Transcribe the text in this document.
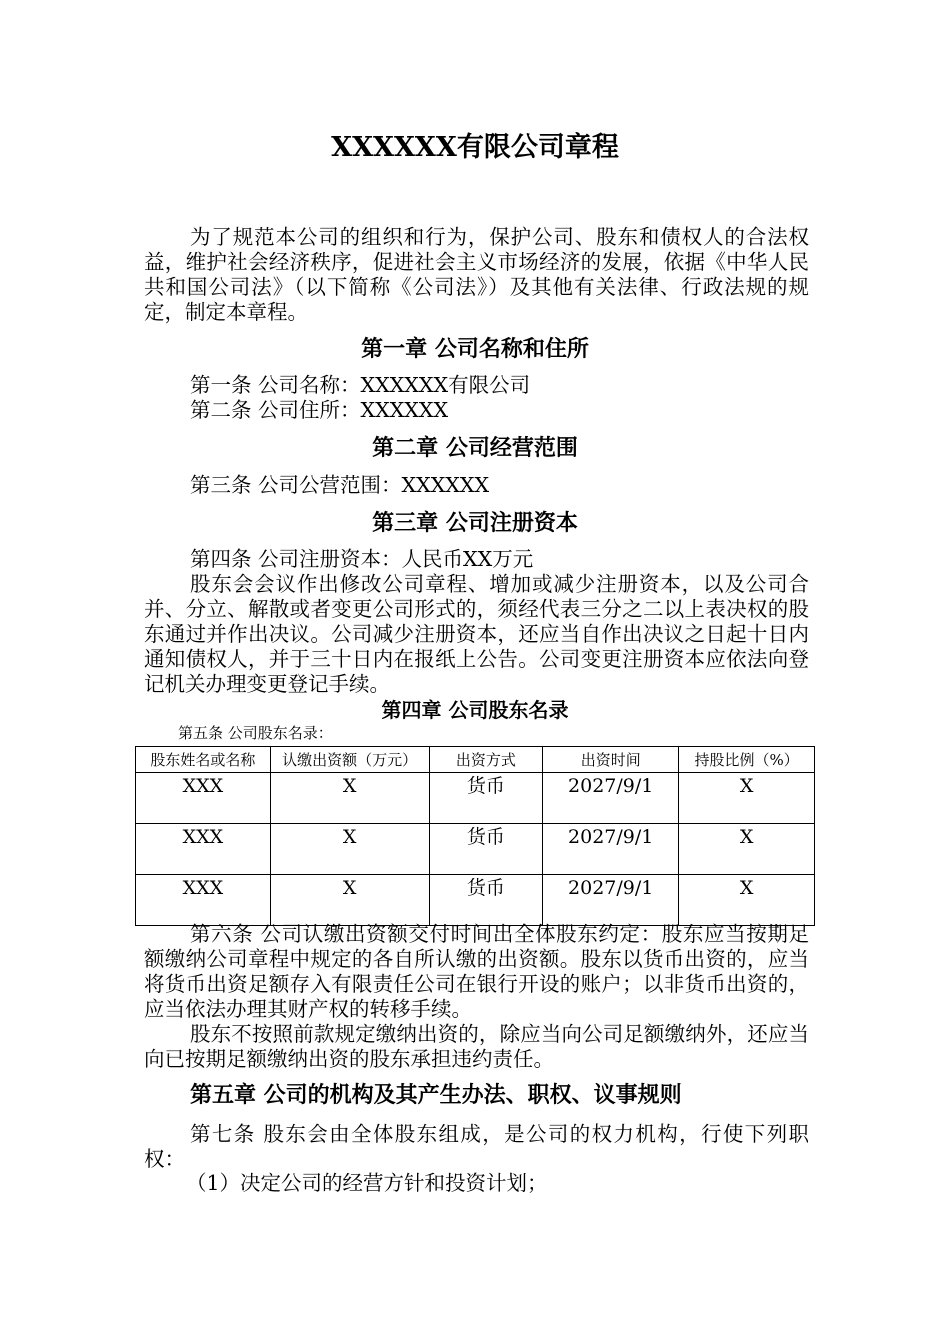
XXXXXX有限公司章程

为了规范本公司的组织和行为，保护公司、股东和债权人的合法权益，维护社会经济秩序，促进社会主义市场经济的发展，依据《中华人民共和国公司法》（以下简称《公司法》）及其他有关法律、行政法规的规定，制定本章程。

第一章 公司名称和住所
第一条 公司名称：XXXXXX有限公司
第二条 公司住所：XXXXXX
第二章 公司经营范围
第三条 公司公营范围：XXXXXX
第三章 公司注册资本
第四条 公司注册资本：人民币XX万元

股东会会议作出修改公司章程、增加或减少注册资本，以及公司合并、分立、解散或者变更公司形式的，须经代表三分之二以上表决权的股东通过并作出决议。公司减少注册资本，还应当自作出决议之日起十日内通知债权人，并于三十日内在报纸上公告。公司变更注册资本应依法向登记机关办理变更登记手续。

第四章 公司股东名录
第五条 公司股东名录：
股东姓名或名称	认缴出资额（万元）	出资方式	出资时间	持股比例（%）
XXX	X	货币	2027/9/1	X
XXX	X	货币	2027/9/1	X
XXX	X	货币	2027/9/1	X

第六条 公司认缴出资额交付时间出全体股东约定：股东应当按期足额缴纳公司章程中规定的各自所认缴的出资额。股东以货币出资的，应当将货币出资足额存入有限责任公司在银行开设的账户；以非货币出资的，应当依法办理其财产权的转移手续。

股东不按照前款规定缴纳出资的，除应当向公司足额缴纳外，还应当向已按期足额缴纳出资的股东承担违约责任。

第五章 公司的机构及其产生办法、职权、议事规则

第七条 股东会由全体股东组成，是公司的权力机构，行使下列职权：

（1）决定公司的经营方针和投资计划；
